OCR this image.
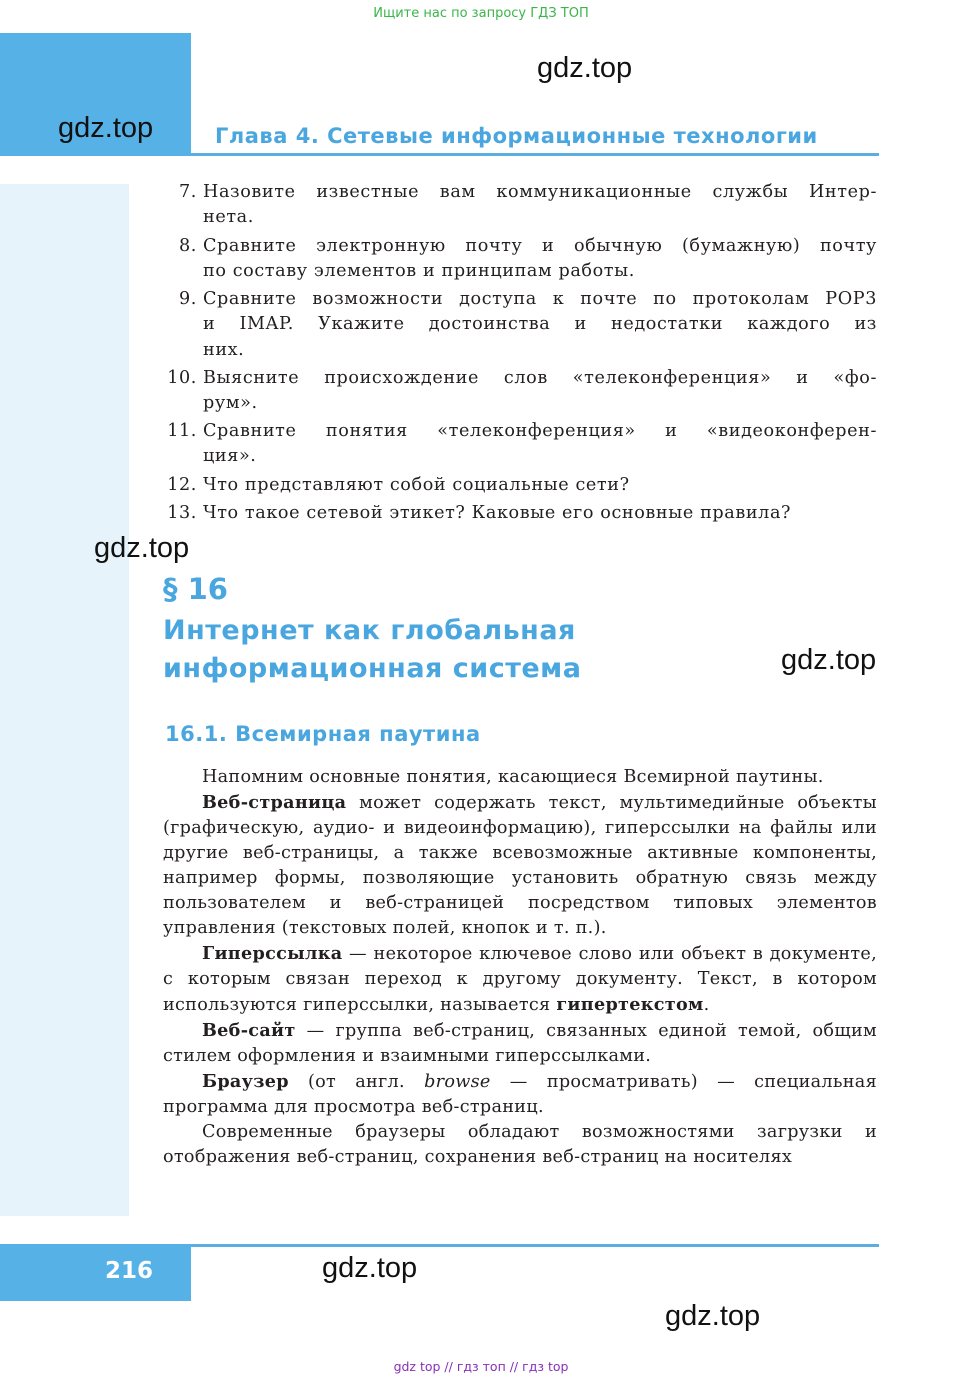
Ищите нас по запросу ГДЗ ТОП
Глава 4. Сетевые информационные технологии
gdz.top
gdz.top
gdz.top
gdz.top
gdz.top
gdz.top
7. Назовите известные вам коммуникационные службы Интер-
нета.
8. Сравните электронную почту и обычную (бумажную) почту
по составу элементов и принципам работы.
9. Сравните возможности доступа к почте по протоколам POP3
и IMAP. Укажите достоинства и недостатки каждого из
них.
10. Выясните происхождение слов «телеконференция» и «фо-
рум».
11. Сравните понятия «телеконференция» и «видеоконферен-
ция».
12. Что представляют собой социальные сети?
13. Что такое сетевой этикет? Каковые его основные правила?
§ 16
Интернет как глобальная
информационная система
16.1. Всемирная паутина

Напомним основные понятия, касающиеся Всемирной паутины.

Веб-страница может содержать текст, мультимедийные объекты (графическую, аудио- и видеоинформацию), гиперссылки на файлы или другие веб-страницы, а также всевозможные активные компоненты, например формы, позволяющие установить обратную связь между пользователем и веб-страницей посредством типовых элементов управления (текстовых полей, кнопок и т. п.).

Гиперссылка — некоторое ключевое слово или объект в документе, с которым связан переход к другому документу. Текст, в котором используются гиперссылки, называется гипертекстом.

Веб-сайт — группа веб-страниц, связанных единой темой, общим стилем оформления и взаимными гиперссылками.

Браузер (от англ. browse — просматривать) — специальная программа для просмотра веб-страниц.

Современные браузеры обладают возможностями загрузки и отображения веб-страниц, сохранения веб-страниц на носителях

216
gdz top // гдз топ // гдз top
